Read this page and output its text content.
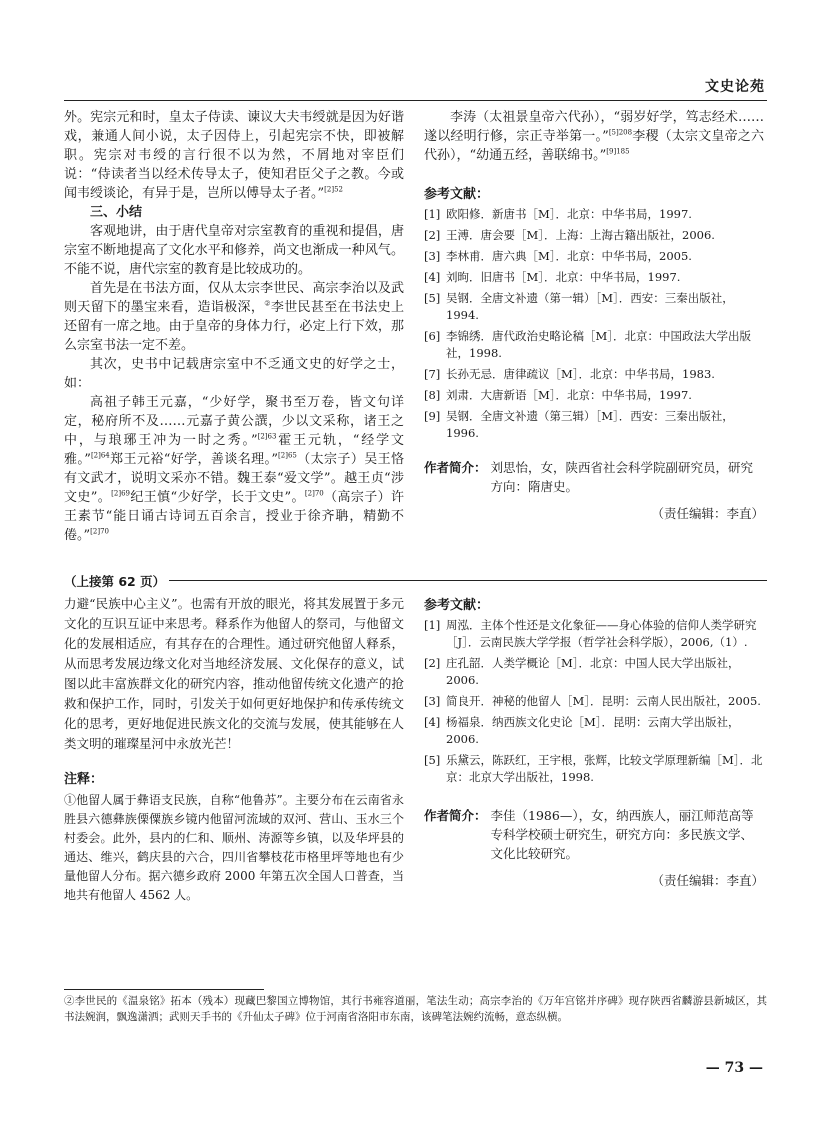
文史论苑

外。宪宗元和时，皇太子侍读、谏议大夫韦绶就是因为好谐戏，兼通人间小说，太子因侍上，引起宪宗不快，即被解职。宪宗对韦绶的言行很不以为然，不屑地对宰臣们说：“侍读者当以经术传导太子，使知君臣父子之教。今或闻韦绶谈论，有异于是，岂所以傅导太子者。”$^{[2]52}$

三、小结

客观地讲，由于唐代皇帝对宗室教育的重视和提倡，唐宗室不断地提高了文化水平和修养，尚文也渐成一种风气。不能不说，唐代宗室的教育是比较成功的。

首先是在书法方面，仅从太宗李世民、高宗李治以及武则天留下的墨宝来看，造诣极深，②李世民甚至在书法史上还留有一席之地。由于皇帝的身体力行，必定上行下效，那么宗室书法一定不差。

其次，史书中记载唐宗室中不乏通文史的好学之士，如：

高祖子韩王元嘉，“少好学，聚书至万卷，皆文句详定，秘府所不及……元嘉子黄公譔，少以文采称，诸王之中，与琅琊王冲为一时之秀。”$^{[2]63}$霍王元轨，“经学文雅。”$^{[2]64}$郑王元裕“好学，善谈名理。”$^{[2]65}$（太宗子）吴王恪有文武才，说明文采亦不错。魏王泰“爱文学”。越王贞“涉文史”。$^{[2]69}$纪王慎“少好学，长于文史”。$^{[2]70}$（高宗子）许王素节“能日诵古诗词五百余言，授业于徐齐聃，精勤不倦。”$^{[2]70}$

李涛（太祖景皇帝六代孙），“弱岁好学，笃志经术……遂以经明行修，宗正寺举第一。”$^{[5]208}$李稷（太宗文皇帝之六代孙），“幼通五经，善联绵书。”$^{[9]185}$

参考文献：
[1] 欧阳修．新唐书［M］．北京：中华书局，1997.
[2] 王溥．唐会要［M］．上海：上海古籍出版社，2006.
[3] 李林甫．唐六典［M］．北京：中华书局，2005.
[4] 刘昫．旧唐书［M］．北京：中华书局，1997.
[5] 吴钢．全唐文补遗（第一辑）［M］．西安：三秦出版社，1994.
[6] 李锦绣．唐代政治史略论稿［M］．北京：中国政法大学出版社，1998.
[7] 长孙无忌．唐律疏议［M］．北京：中华书局，1983.
[8] 刘肃．大唐新语［M］．北京：中华书局，1997.
[9] 吴钢．全唐文补遗（第三辑）［M］．西安：三秦出版社，1996.
作者简介： 刘思怡，女，陕西省社会科学院副研究员，研究方向：隋唐史。
（责任编辑：李直）
（上接第 62 页）

力避“民族中心主义”。也需有开放的眼光，将其发展置于多元文化的互识互证中来思考。释系作为他留人的祭司，与他留文化的发展相适应，有其存在的合理性。通过研究他留人释系，从而思考发展边缘文化对当地经济发展、文化保存的意义，试图以此丰富族群文化的研究内容，推动他留传统文化遗产的抢救和保护工作，同时，引发关于如何更好地保护和传承传统文化的思考，更好地促进民族文化的交流与发展，使其能够在人类文明的璀璨星河中永放光芒！

注释：
①他留人属于彝语支民族，自称“他鲁苏”。主要分布在云南省永胜县六德彝族傈僳族乡镜内他留河流域的双河、营山、玉水三个村委会。此外，县内的仁和、顺州、涛源等乡镇，以及华坪县的通达、维兴，鹤庆县的六合，四川省攀枝花市格里坪等地也有少量他留人分布。据六德乡政府 2000 年第五次全国人口普查，当地共有他留人 4562 人。
参考文献：
[1] 周泓．主体个性还是文化象征——身心体验的信仰人类学研究［J］．云南民族大学学报（哲学社会科学版），2006,（1）.
[2] 庄孔韶．人类学概论［M］．北京：中国人民大学出版社，2006.
[3] 简良开．神秘的他留人［M］．昆明：云南人民出版社，2005.
[4] 杨福泉．纳西族文化史论［M］．昆明：云南大学出版社，2006.
[5] 乐黛云，陈跃红，王宇根，张辉，比较文学原理新编［M］．北京：北京大学出版社，1998.
作者简介： 李佳（1986—），女，纳西族人，丽江师范高等专科学校硕士研究生，研究方向：多民族文学、文化比较研究。
（责任编辑：李直）
②李世民的《温泉铭》拓本（残本）现藏巴黎国立博物馆，其行书雍容道丽，笔法生动；高宗李治的《万年宫铭并序碑》现存陕西省麟游县新城区，其书法婉润，飘逸潇洒；武则天手书的《升仙太子碑》位于河南省洛阳市东南，该碑笔法婉约流畅，意态纵横。
— 73 —
